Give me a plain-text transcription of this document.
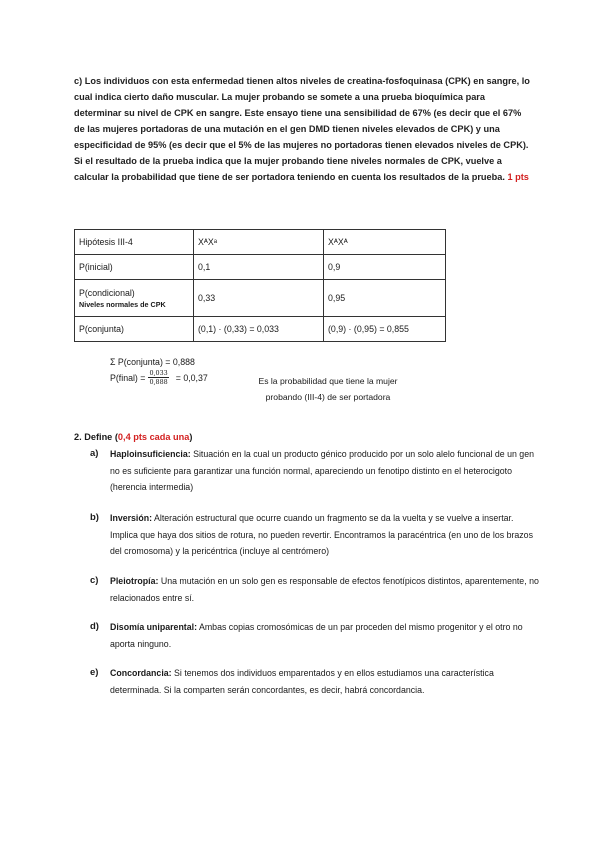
c) Los individuos con esta enfermedad tienen altos niveles de creatina-fosfoquinasa (CPK) en sangre, lo cual indica cierto daño muscular. La mujer probando se somete a una prueba bioquímica para determinar su nivel de CPK en sangre. Este ensayo tiene una sensibilidad de 67% (es decir que el 67% de las mujeres portadoras de una mutación en el gen DMD tienen niveles elevados de CPK) y una especificidad de 95% (es decir que el 5% de las mujeres no portadoras tienen elevados niveles de CPK). Si el resultado de la prueba indica que la mujer probando tiene niveles normales de CPK, vuelve a calcular la probabilidad que tiene de ser portadora teniendo en cuenta los resultados de la prueba. 1 pts

Hipótesis III-4	XᴬXᵃ	XᴬXᴬ
P(inicial)	0,1	0,9
P(condicional)
Niveles normales de CPK	0,33	0,95
P(conjunta)	(0,1) · (0,33) = 0,033	(0,9) · (0,95) = 0,855
Σ P(conjunta) = 0,888
P(final) = $\frac{0,033}{0,888} = 0,0,37$	Es la probabilidad que tiene la mujer
probando (III-4) de ser portadora
2. Define (0,4 pts cada una)
a) Haploinsuficiencia: Situación en la cual un producto génico producido por un solo alelo funcional de un gen no es suficiente para garantizar una función normal, apareciendo un fenotipo distinto en el heterocigoto (herencia intermedia)
b) Inversión: Alteración estructural que ocurre cuando un fragmento se da la vuelta y se vuelve a insertar. Implica que haya dos sitios de rotura, no pueden revertir. Encontramos la paracéntrica (en uno de los brazos del cromosoma) y la pericéntrica (incluye al centrómero)
c) Pleiotropía: Una mutación en un solo gen es responsable de efectos fenotípicos distintos, aparentemente, no relacionados entre sí.
d) Disomía uniparental: Ambas copias cromosómicas de un par proceden del mismo progenitor y el otro no aporta ninguno.
e) Concordancia: Si tenemos dos individuos emparentados y en ellos estudiamos una característica determinada. Si la comparten serán concordantes, es decir, habrá concordancia.
